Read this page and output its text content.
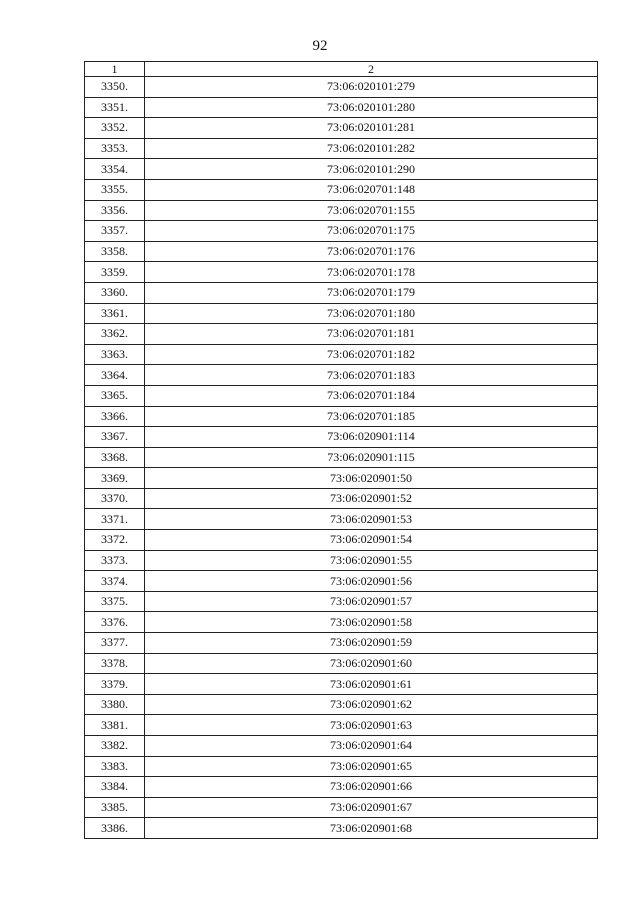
92
1	2
3350.	73:06:020101:279
3351.	73:06:020101:280
3352.	73:06:020101:281
3353.	73:06:020101:282
3354.	73:06:020101:290
3355.	73:06:020701:148
3356.	73:06:020701:155
3357.	73:06:020701:175
3358.	73:06:020701:176
3359.	73:06:020701:178
3360.	73:06:020701:179
3361.	73:06:020701:180
3362.	73:06:020701:181
3363.	73:06:020701:182
3364.	73:06:020701:183
3365.	73:06:020701:184
3366.	73:06:020701:185
3367.	73:06:020901:114
3368.	73:06:020901:115
3369.	73:06:020901:50
3370.	73:06:020901:52
3371.	73:06:020901:53
3372.	73:06:020901:54
3373.	73:06:020901:55
3374.	73:06:020901:56
3375.	73:06:020901:57
3376.	73:06:020901:58
3377.	73:06:020901:59
3378.	73:06:020901:60
3379.	73:06:020901:61
3380.	73:06:020901:62
3381.	73:06:020901:63
3382.	73:06:020901:64
3383.	73:06:020901:65
3384.	73:06:020901:66
3385.	73:06:020901:67
3386.	73:06:020901:68
